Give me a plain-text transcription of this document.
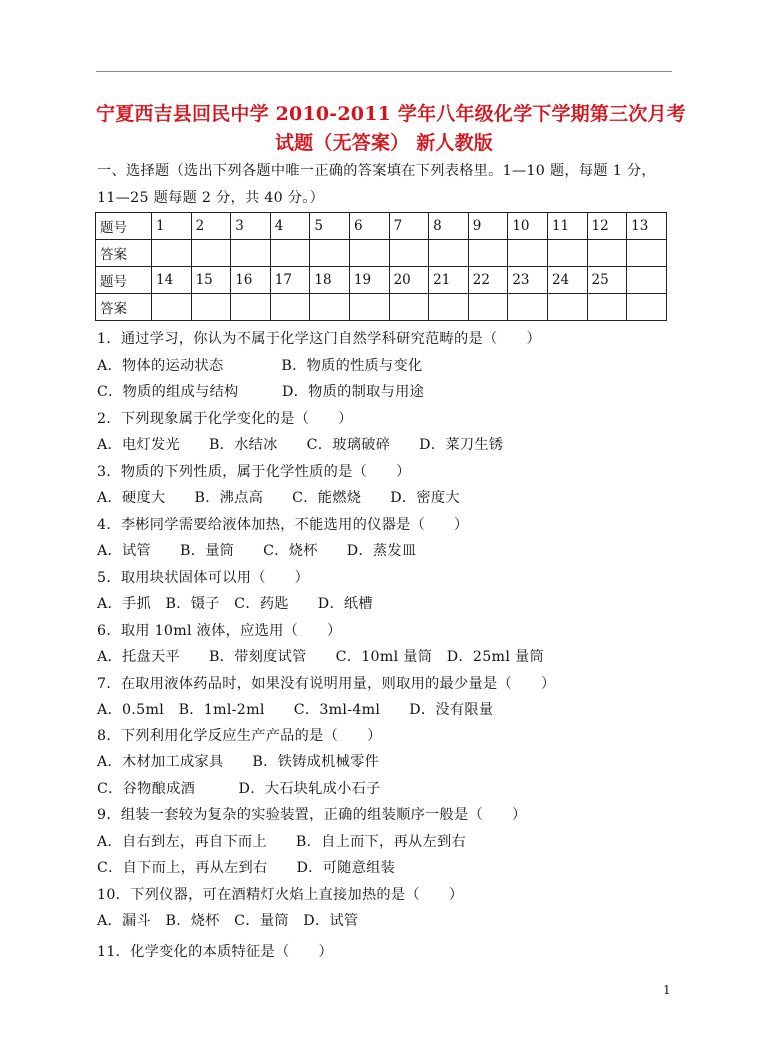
宁夏西吉县回民中学 2010-2011 学年八年级化学下学期第三次月考
试题（无答案） 新人教版
一、选择题（选出下列各题中唯一正确的答案填在下列表格里。1—10 题，每题 1 分，
11—25 题每题 2 分，共 40 分。）
题号	1	2	3	4	5	6	7	8	9	10	11	12	13
答案													
题号	14	15	16	17	18	19	20	21	22	23	24	25	
答案													
1．通过学习，你认为不属于化学这门自然学科研究范畴的是（　　）
A．物体的运动状态　　　　B．物质的性质与变化
C．物质的组成与结构　　　D．物质的制取与用途
2．下列现象属于化学变化的是（　　）
A．电灯发光　　B．水结冰　　C．玻璃破碎　　D．菜刀生锈
3．物质的下列性质，属于化学性质的是（　　）
A．硬度大　　B．沸点高　　C．能燃烧　　D．密度大
4．李彬同学需要给液体加热，不能选用的仪器是（　　）
A．试管　　B．量筒　　C．烧杯　　D．蒸发皿
5．取用块状固体可以用（　　）
A．手抓　B．镊子　C．药匙　　D．纸槽
6．取用 10ml 液体，应选用（　　）
A．托盘天平　　B．带刻度试管　　C．10ml 量筒　D．25ml 量筒
7．在取用液体药品时，如果没有说明用量，则取用的最少量是（　　）
A．0.5ml　B．1ml-2ml　　C．3ml-4ml　　D．没有限量
8．下列利用化学反应生产产品的是（　　）
A．木材加工成家具　　B．铁铸成机械零件
C．谷物酿成酒　　　D．大石块轧成小石子
9．组装一套较为复杂的实验装置，正确的组装顺序一般是（　　）
A．自右到左，再自下而上　　B．自上而下，再从左到右
C．自下而上，再从左到右　　D．可随意组装
10．下列仪器，可在酒精灯火焰上直接加热的是（　　）
A．漏斗　B．烧杯　C．量筒　D．试管
11．化学变化的本质特征是（　　）
1
